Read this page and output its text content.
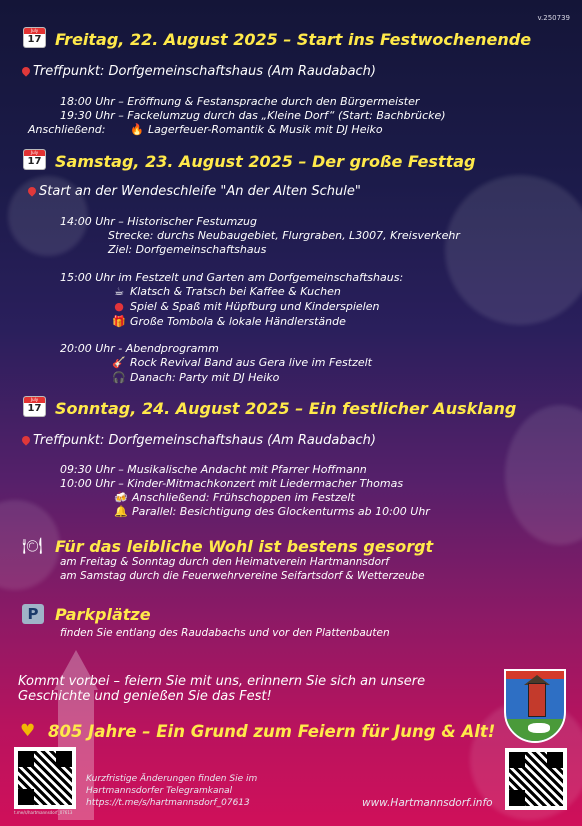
v.250739
July
17 Freitag, 22. August 2025 – Start ins Festwochenende
Treffpunkt: Dorfgemeinschaftshaus (Am Raudabach)
18:00 Uhr – Eröffnung & Festansprache durch den Bürgermeister
19:30 Uhr – Fackelumzug durch das „Kleine Dorf“ (Start: Bachbrücke)
Anschließend: 🔥 Lagerfeuer-Romantik & Musik mit DJ Heiko
July
17 Samstag, 23. August 2025 – Der große Festtag
Start an der Wendeschleife "An der Alten Schule"
14:00 Uhr – Historischer Festumzug
Strecke: durchs Neubaugebiet, Flurgraben, L3007, Kreisverkehr
Ziel: Dorfgemeinschaftshaus
15:00 Uhr im Festzelt und Garten am Dorfgemeinschaftshaus:
☕ Klatsch & Tratsch bei Kaffee & Kuchen
● Spiel & Spaß mit Hüpfburg und Kinderspielen
🎁 Große Tombola & lokale Händlerstände
20:00 Uhr - Abendprogramm
🎸 Rock Revival Band aus Gera live im Festzelt
🎧 Danach: Party mit DJ Heiko
July
17 Sonntag, 24. August 2025 – Ein festlicher Ausklang
Treffpunkt: Dorfgemeinschaftshaus (Am Raudabach)
09:30 Uhr – Musikalische Andacht mit Pfarrer Hoffmann
10:00 Uhr – Kinder-Mitmachkonzert mit Liedermacher Thomas
🍻 Anschließend: Frühschoppen im Festzelt
🔔 Parallel: Besichtigung des Glockenturms ab 10:00 Uhr
🍽 Für das leibliche Wohl ist bestens gesorgt
am Freitag & Sonntag durch den Heimatverein Hartmannsdorf
am Samstag durch die Feuerwehrvereine Seifartsdorf & Wetterzeube
P	Parkplätze
finden Sie entlang des Raudabachs und vor den Plattenbauten
Kommt vorbei – feiern Sie mit uns, erinnern Sie sich an unsere
Geschichte und genießen Sie das Fest!
♥ 805 Jahre – Ein Grund zum Feiern für Jung & Alt!
t.me/s/hartmannsdorf_07613
Kurzfristige Änderungen finden Sie im
Hartmannsdorfer Telegramkanal
https://t.me/s/hartmannsdorf_07613	www.Hartmannsdorf.info
